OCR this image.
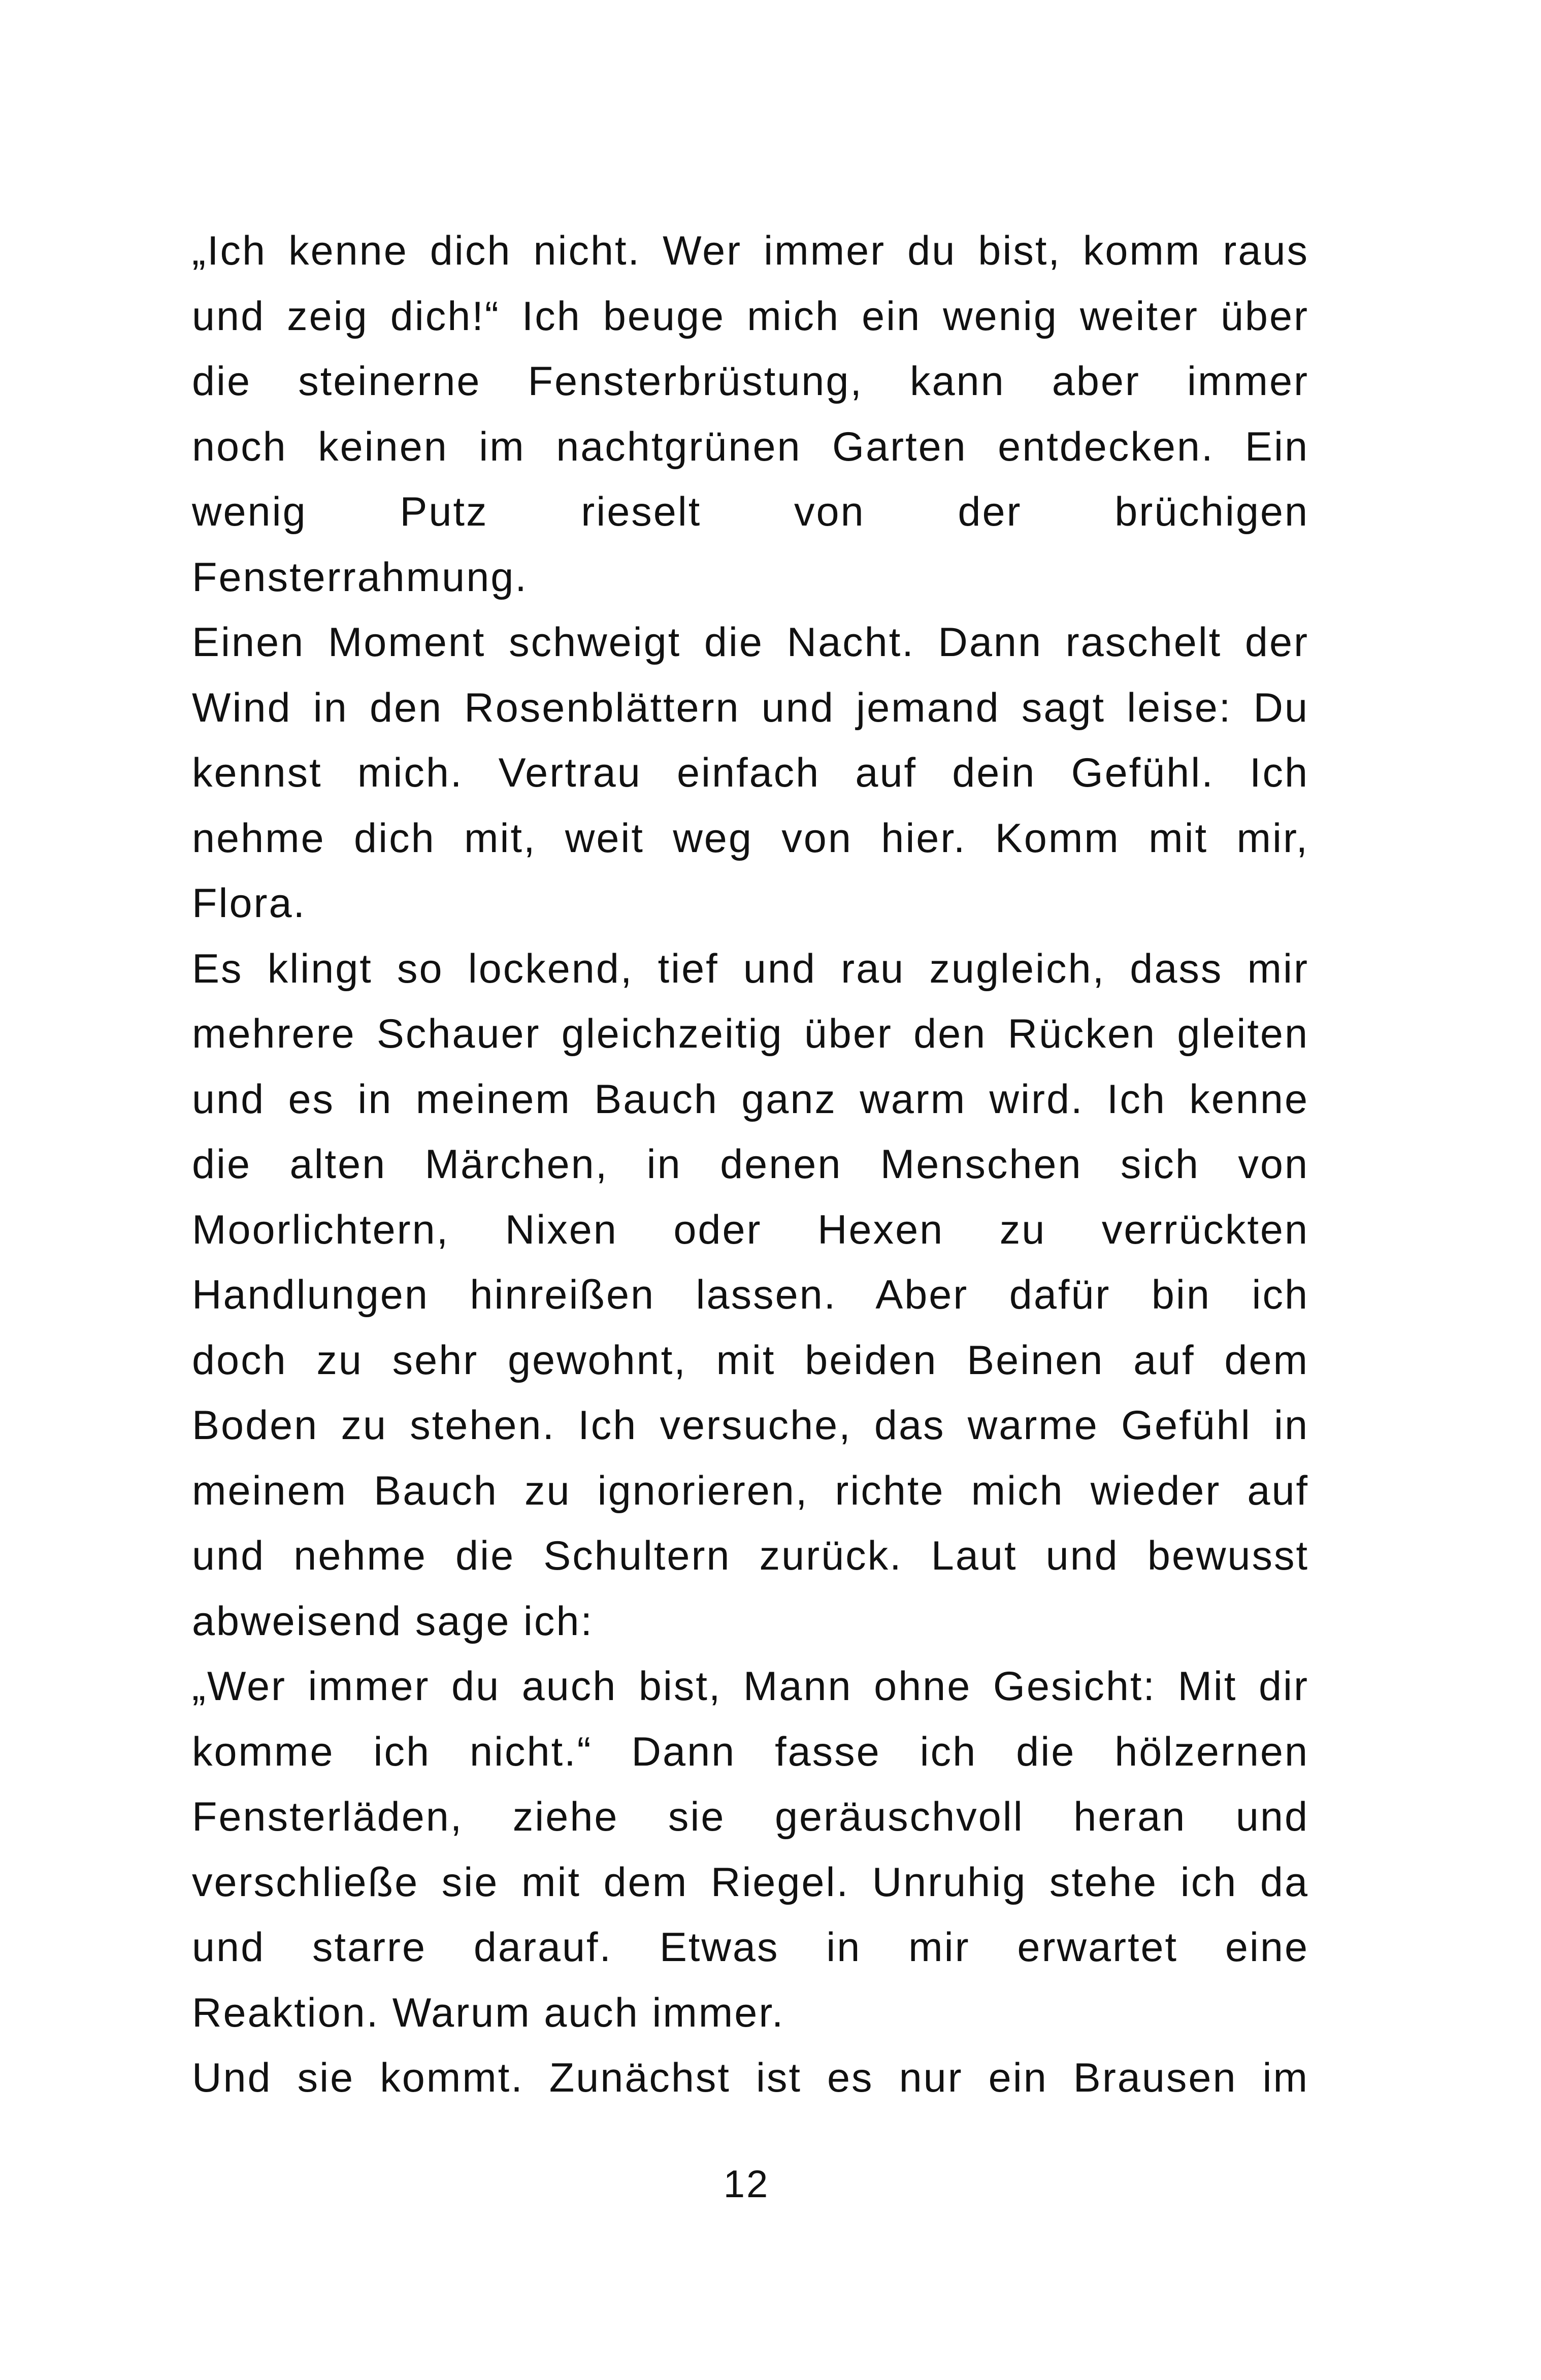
„Ich kenne dich nicht. Wer immer du bist, komm raus
und zeig dich!“ Ich beuge mich ein wenig weiter über
die steinerne Fensterbrüstung, kann aber immer
noch keinen im nachtgrünen Garten entdecken. Ein
wenig Putz rieselt von der brüchigen
Fensterrahmung.
Einen Moment schweigt die Nacht. Dann raschelt der
Wind in den Rosenblättern und jemand sagt leise: Du
kennst mich. Vertrau einfach auf dein Gefühl. Ich
nehme dich mit, weit weg von hier. Komm mit mir,
Flora.
Es klingt so lockend, tief und rau zugleich, dass mir
mehrere Schauer gleichzeitig über den Rücken gleiten
und es in meinem Bauch ganz warm wird. Ich kenne
die alten Märchen, in denen Menschen sich von
Moorlichtern, Nixen oder Hexen zu verrückten
Handlungen hinreißen lassen. Aber dafür bin ich
doch zu sehr gewohnt, mit beiden Beinen auf dem
Boden zu stehen. Ich versuche, das warme Gefühl in
meinem Bauch zu ignorieren, richte mich wieder auf
und nehme die Schultern zurück. Laut und bewusst
abweisend sage ich:
„Wer immer du auch bist, Mann ohne Gesicht: Mit dir
komme ich nicht.“ Dann fasse ich die hölzernen
Fensterläden, ziehe sie geräuschvoll heran und
verschließe sie mit dem Riegel. Unruhig stehe ich da
und starre darauf. Etwas in mir erwartet eine
Reaktion. Warum auch immer.
Und sie kommt. Zunächst ist es nur ein Brausen im
12
